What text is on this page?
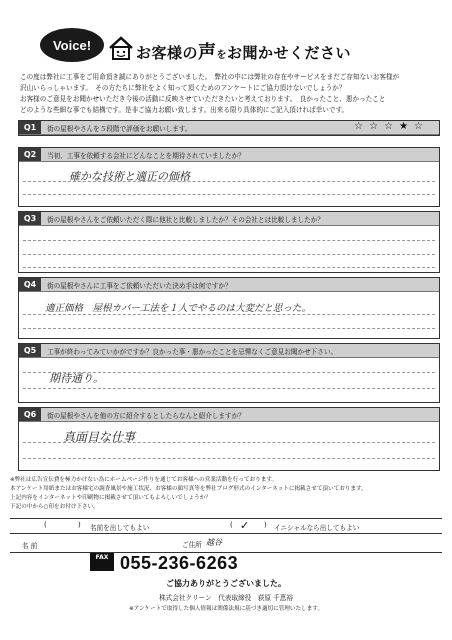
Voice!	お客様の声をお聞かせください
この度は弊社に工事をご用命頂き誠にありがとうございました。　弊社の中には弊社の存在やサービスをまだご存知ないお客様が
沢山いらっしゃいます。　その方たちに弊社をよく知って頂くためのアンケートにご協力頂けないでしょうか？
お客様のご意見をお聞かせいただき今後の活動に反映させていただきたいと考えております。　良かったこと、悪かったこと
どのような些細な事でも結構です。是非ご協力お願い致します。出来る限り具体的にご記入頂ければ幸いです。
Q1	街の屋根やさんを５段階で評価をお願いします。	☆☆☆★☆
Q2	当初、工事を依頼する会社にどんなことを期待されていましたか？
確かな技術と適正の価格
Q3	街の屋根やさんをご依頼いただく際に他社と比較しましたか？その会社とは比較しましたか？
Q4	街の屋根やさんに工事をご依頼いただいた決め手は何ですか？
適正価格　屋根カバー工法を１人でやるのは大変だと思った。
Q5	工事が終わってみていかがですか？良かった事・悪かったことを忌憚なくご意見お聞かせ下さい。
期待通り。
Q6	街の屋根やさんを他の方に紹介するとしたらなんと紹介しますか？
真面目な仕事
※弊社は広告宣伝費を極力かけない為にホームページ作りを通じてお客様への営業活動を行っております。
本アンケート用紙またはお客様宅の調査風景や施工状況、お客様の顔写真等を弊社ブログ形式のインターネットに掲載させて頂いております。
上記内容をインターネットや印刷物に掲載させて頂いてもよろしいでしょうか？
下記の中から○印をお付け下さい。
(	) 名前を出してもよい	(	) イニシャルなら出してもよい
✓
名 前	ご住所 越谷
FAX 055-236-6263
ご協力ありがとうございました。
株式会社クリーン　代表取締役　荻原 千恵裕
※アンケートで取得した個人情報は関係法規に基づき適切に管理いたします。
